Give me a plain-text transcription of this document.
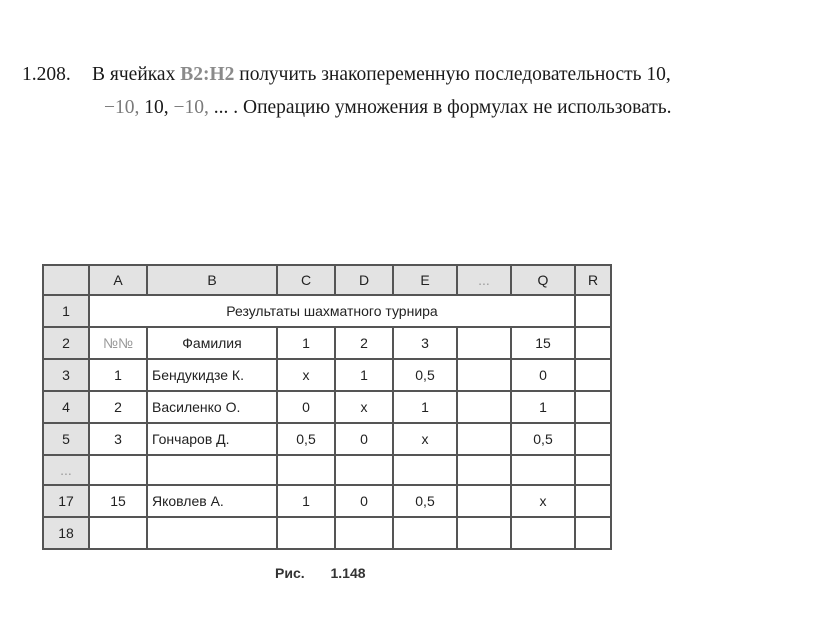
1.208. В ячейках B2:H2 получить знакопеременную последовательность 10,
−10, 10, −10, ... . Операцию умножения в формулах не использовать.
	A	B	C	D	E	...	Q	R
1	Результаты шахматного турнира							
2	№№	Фамилия	1	2	3		15	
3	1	Бендукидзе К.	x	1	0,5		0	
4	2	Василенко О.	0	x	1		1	
5	3	Гончаров Д.	0,5	0	x		0,5	
...								
17	15	Яковлев А.	1	0	0,5		x	
18								
Рис. 1.148
